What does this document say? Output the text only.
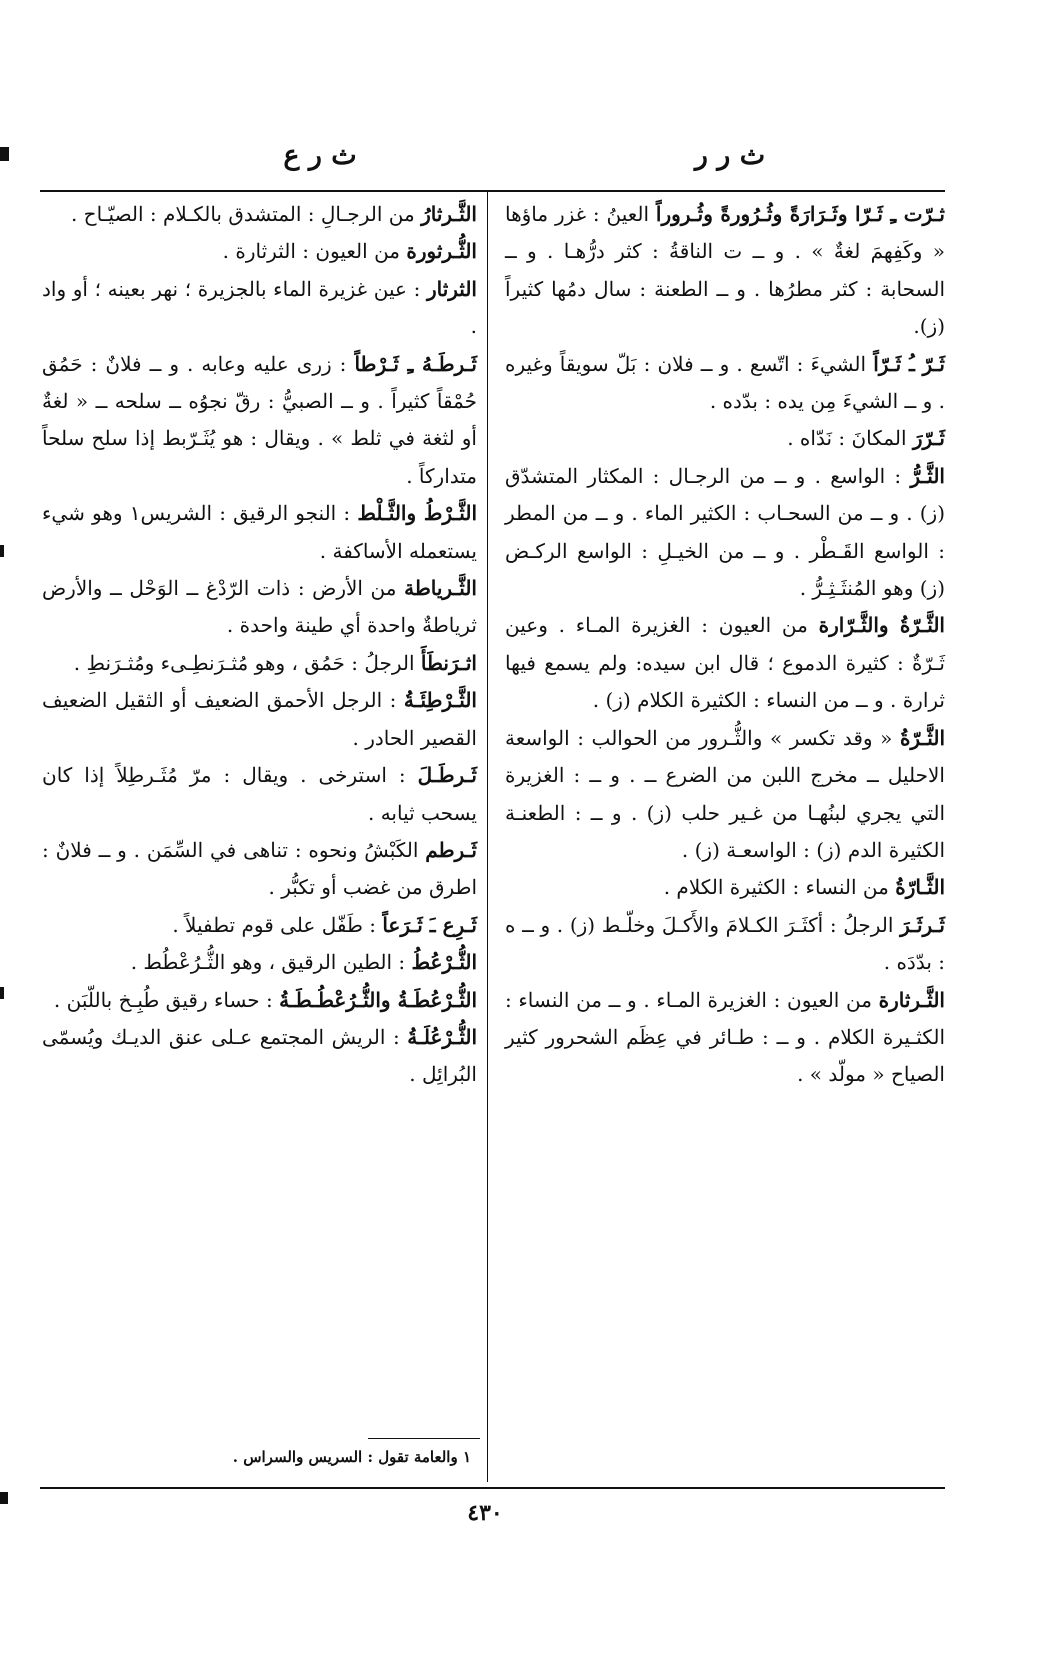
ث ر ع	ث ر ر

ثـرّت ـِ ثَـرّا وثَـرَارَةً وثُـرُورةً وثُـروراً العينُ : غزر ماؤها « وكَفِهمَ لغةٌ » . و ــ ت الناقةُ : كثر درُّهـا . و ــ السحابة : كثر مطرُها . و ــ الطعنة : سال دمُها كثيراً (ز).

ثَـرّ ـُ ثَـرّاً الشيءَ : اتّسع . و ــ فلان : بَلّ سويقاً وغيره . و ــ الشيءَ مِن يده : بدّده .

ثَـرّرَ المكانَ : نَدّاه .

الثَّـرُّ : الواسع . و ــ من الرجـال : المكثار المتشدّق (ز) . و ــ من السحـاب : الكثير الماء . و ــ من المطر : الواسع القَـطْر . و ــ من الخيـلِ : الواسع الركـض (ز) وهو المُنثَـثِـرُّ .

الثَّـرّةُ والثَّـرّارة من العيون : الغزيرة المـاء . وعين ثَـرّةٌ : كثيرة الدموع ؛ قال ابن سيده: ولم يسمع فيها ثرارة . و ــ من النساء : الكثيرة الكلام (ز) .

الثَّـرّةُ « وقد تكسر » والثُّـرور من الحوالب : الواسعة الاحليل ــ مخرج اللبن من الضرع ــ . و ــ : الغزيرة التي يجري لبنُهـا من غـير حلب (ز) . و ــ : الطعنـة الكثيرة الدم (ز) : الواسعـة (ز) .

الثَّـارّةُ من النساء : الكثيرة الكلام .

ثَـرثَـرَ الرجلُ : أكثَـرَ الكـلامَ والأَكـلَ وخلّـط (ز) . و ــ ه : بدّدَه .

الثَّـرثارة من العيون : الغزيرة المـاء . و ــ من النساء : الكثـيرة الكلام . و ــ : طـائر في عِظَم الشحرور كثير الصياح « مولّد » .

الثَّـرثارُ من الرجـالِ : المتشدق بالكـلام : الصيّـاح .

الثُّـرثورة من العيون : الثرثارة .

الثرثار : عين غزيرة الماء بالجزيرة ؛ نهر بعينه ؛ أو واد .

ثَـرطَـهُ ـِ ثَـرْطاً : زرى عليه وعابه . و ــ فلانٌ : حَمُق حُمْقاً كثيراً . و ــ الصبيُّ : رقّ نجوُه ــ سلحه ــ « لغةٌ أو لثغة في ثلط » . ويقال : هو يُثَـرّبط إذا سلح سلحاً متداركاً .

الثَّـرْطُ والثَّـلْط : النجو الرقيق : الشريس١ وهو شيء يستعمله الأساكفة .

الثَّـرياطة من الأرض : ذات الرّدْغ ــ الوَحْل ــ والأرض ثرياطةٌ واحدة أي طينة واحدة .

اثـرَنطَأَ الرجلُ : حَمُق ، وهو مُثـرَنطِـىء ومُثـرَنطِ .

الثَّـرْطِئَـةُ : الرجل الأحمق الضعيف أو الثقيل الضعيف القصير الحادر .

ثَـرطَـلَ : استرخى . ويقال : مرّ مُثَـرطِلاً إذا كان يسحب ثيابه .

ثَـرطم الكَبْشُ ونحوه : تناهى في السِّمَن . و ــ فلانٌ : اطرق من غضب أو تكبُّر .

ثَـرِع ـَ ثَـرَعاً : طَفّل على قوم تطفيلاً .

الثُّـرْعُطُ : الطين الرقيق ، وهو الثُّـرُعْطُط .

الثُّـرْعُطَـةُ والثُّـرُعْطُـطَـةُ : حساء رقيق طُبِـخ باللّبَن .

الثُّـرْعُلَـةُ : الريش المجتمع عـلى عنق الديـك ويُسمّى البُرائِل .

١ والعامة تقول : السريس والسراس .
٤٣٠
